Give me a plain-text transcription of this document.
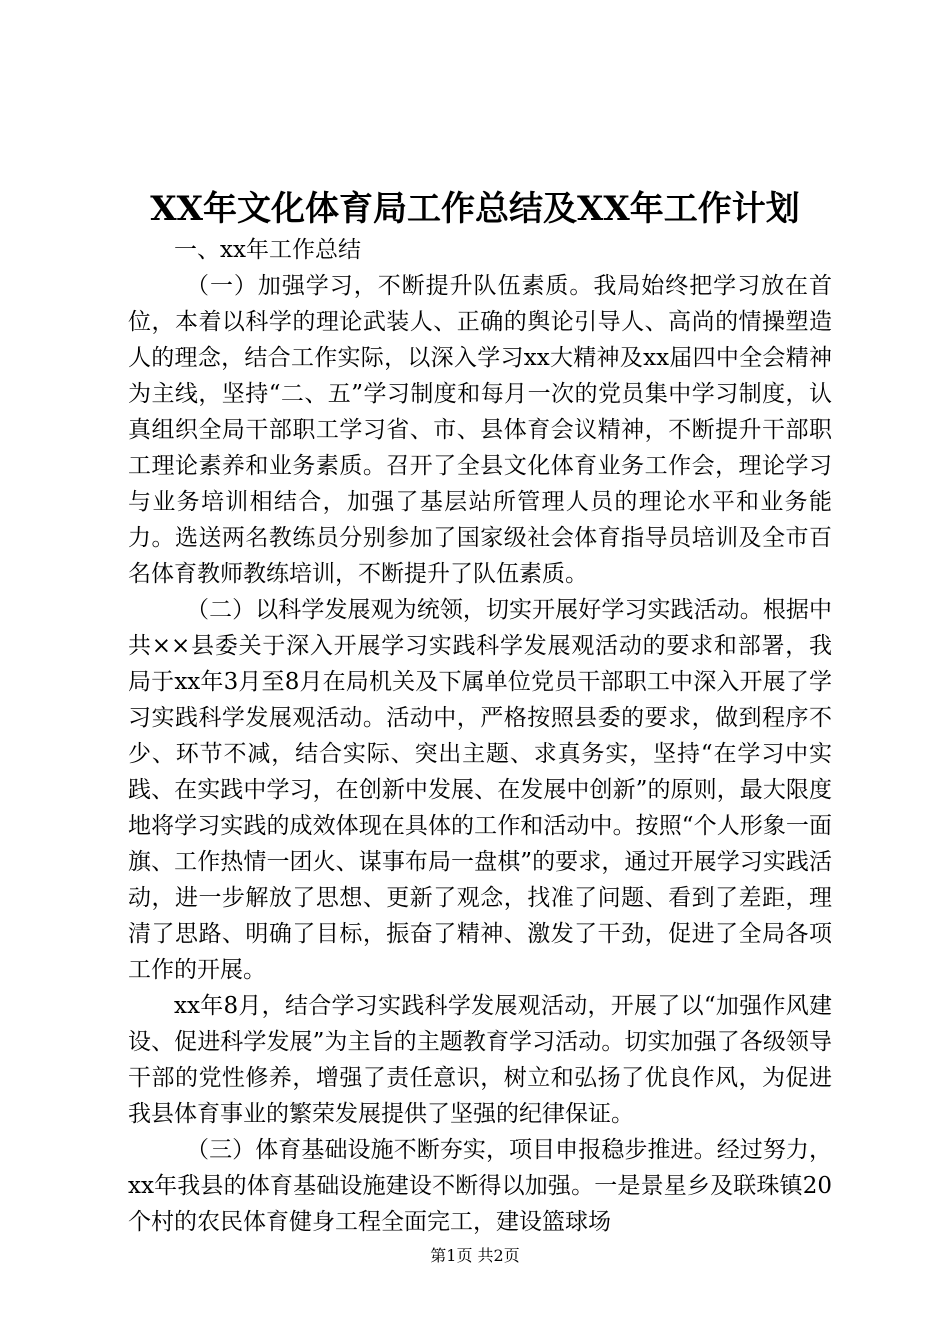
XX年文化体育局工作总结及XX年工作计划

一、xx年工作总结

（一）加强学习，不断提升队伍素质。我局始终把学习放在首位，本着以科学的理论武装人、正确的舆论引导人、高尚的情操塑造人的理念，结合工作实际，以深入学习xx大精神及xx届四中全会精神为主线，坚持“二、五”学习制度和每月一次的党员集中学习制度，认真组织全局干部职工学习省、市、县体育会议精神，不断提升干部职工理论素养和业务素质。召开了全县文化体育业务工作会，理论学习与业务培训相结合，加强了基层站所管理人员的理论水平和业务能力。选送两名教练员分别参加了国家级社会体育指导员培训及全市百名体育教师教练培训，不断提升了队伍素质。

（二）以科学发展观为统领，切实开展好学习实践活动。根据中共××县委关于深入开展学习实践科学发展观活动的要求和部署，我局于xx年3月至8月在局机关及下属单位党员干部职工中深入开展了学习实践科学发展观活动。活动中，严格按照县委的要求，做到程序不少、环节不减，结合实际、突出主题、求真务实，坚持“在学习中实践、在实践中学习，在创新中发展、在发展中创新”的原则，最大限度地将学习实践的成效体现在具体的工作和活动中。按照“个人形象一面旗、工作热情一团火、谋事布局一盘棋”的要求，通过开展学习实践活动，进一步解放了思想、更新了观念，找准了问题、看到了差距，理清了思路、明确了目标，振奋了精神、激发了干劲，促进了全局各项工作的开展。

xx年8月，结合学习实践科学发展观活动，开展了以“加强作风建设、促进科学发展”为主旨的主题教育学习活动。切实加强了各级领导干部的党性修养，增强了责任意识，树立和弘扬了优良作风，为促进我县体育事业的繁荣发展提供了坚强的纪律保证。

（三）体育基础设施不断夯实，项目申报稳步推进。经过努力，xx年我县的体育基础设施建设不断得以加强。一是景星乡及联珠镇20个村的农民体育健身工程全面完工，建设篮球场

第1页 共2页
